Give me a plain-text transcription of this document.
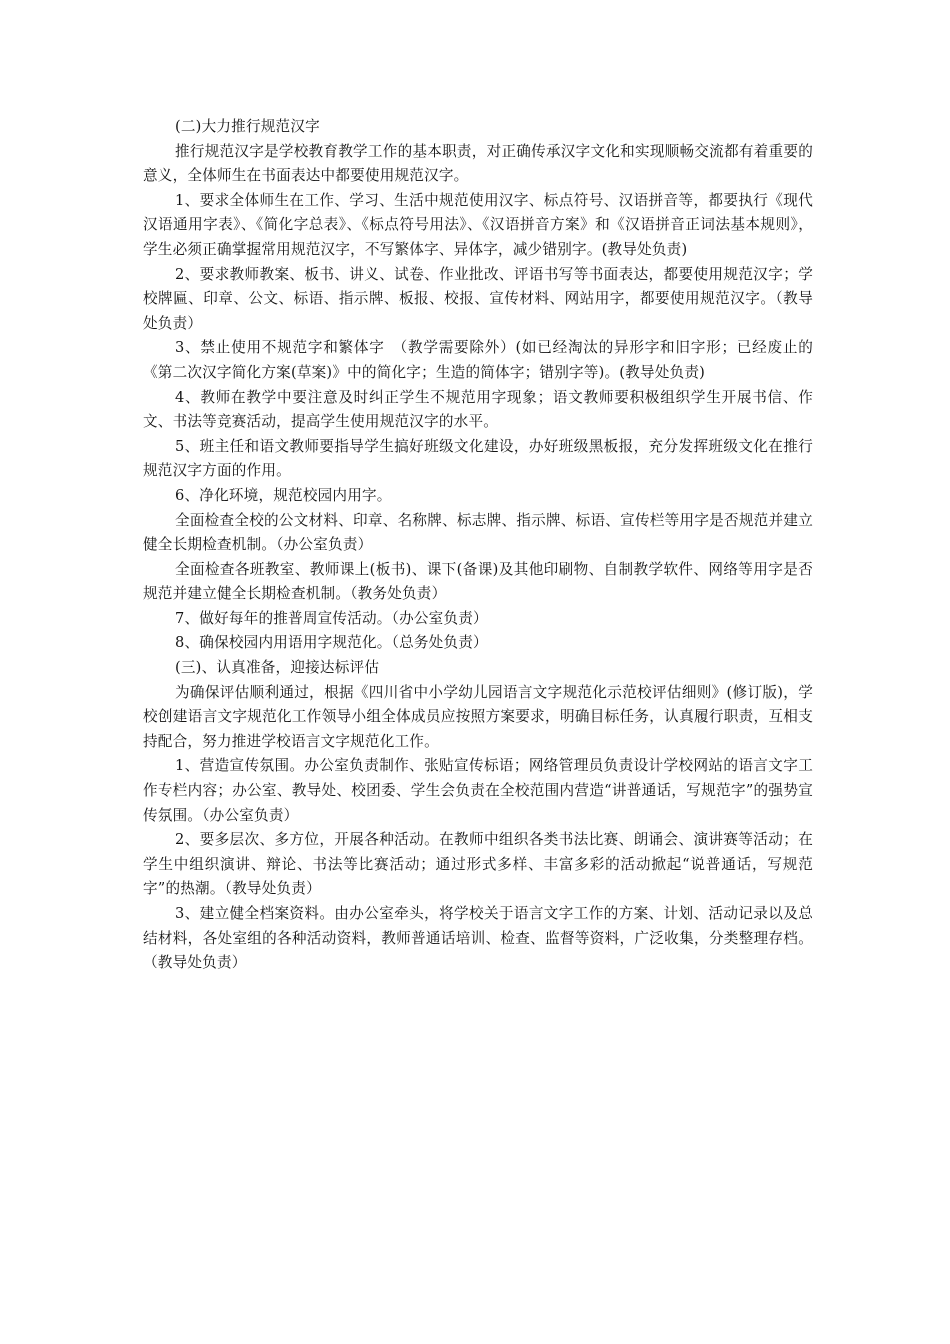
(二)大力推行规范汉字

推行规范汉字是学校教育教学工作的基本职责，对正确传承汉字文化和实现顺畅交流都有着重要的意义，全体师生在书面表达中都要使用规范汉字。

1、要求全体师生在工作、学习、生活中规范使用汉字、标点符号、汉语拼音等，都要执行《现代汉语通用字表》、《简化字总表》、《标点符号用法》、《汉语拼音方案》和《汉语拼音正词法基本规则》，学生必须正确掌握常用规范汉字，不写繁体字、异体字，减少错别字。(教导处负责)

2、要求教师教案、板书、讲义、试卷、作业批改、评语书写等书面表达，都要使用规范汉字；学校牌匾、印章、公文、标语、指示牌、板报、校报、宣传材料、网站用字，都要使用规范汉字。（教导处负责）

3、禁止使用不规范字和繁体字　（教学需要除外）(如已经淘汰的异形字和旧字形；已经废止的《第二次汉字简化方案(草案)》中的简化字；生造的简体字；错别字等)。(教导处负责)

4、教师在教学中要注意及时纠正学生不规范用字现象；语文教师要积极组织学生开展书信、作文、书法等竞赛活动，提高学生使用规范汉字的水平。

5、班主任和语文教师要指导学生搞好班级文化建设，办好班级黑板报，充分发挥班级文化在推行规范汉字方面的作用。

6、净化环境，规范校园内用字。

全面检查全校的公文材料、印章、名称牌、标志牌、指示牌、标语、宣传栏等用字是否规范并建立健全长期检查机制。（办公室负责）

全面检查各班教室、教师课上(板书)、课下(备课)及其他印刷物、自制教学软件、网络等用字是否规范并建立健全长期检查机制。（教务处负责）

7、做好每年的推普周宣传活动。（办公室负责）

8、确保校园内用语用字规范化。（总务处负责）

(三)、认真准备，迎接达标评估

为确保评估顺利通过，根据《四川省中小学幼儿园语言文字规范化示范校评估细则》(修订版)，学校创建语言文字规范化工作领导小组全体成员应按照方案要求，明确目标任务，认真履行职责，互相支持配合，努力推进学校语言文字规范化工作。

1、营造宣传氛围。办公室负责制作、张贴宣传标语；网络管理员负责设计学校网站的语言文字工作专栏内容；办公室、教导处、校团委、学生会负责在全校范围内营造“讲普通话，写规范字”的强势宣传氛围。（办公室负责）

2、要多层次、多方位，开展各种活动。在教师中组织各类书法比赛、朗诵会、演讲赛等活动；在学生中组织演讲、辩论、书法等比赛活动；通过形式多样、丰富多彩的活动掀起“说普通话，写规范字”的热潮。（教导处负责）

3、建立健全档案资料。由办公室牵头，将学校关于语言文字工作的方案、计划、活动记录以及总结材料，各处室组的各种活动资料，教师普通话培训、检查、监督等资料，广泛收集，分类整理存档。（教导处负责）
